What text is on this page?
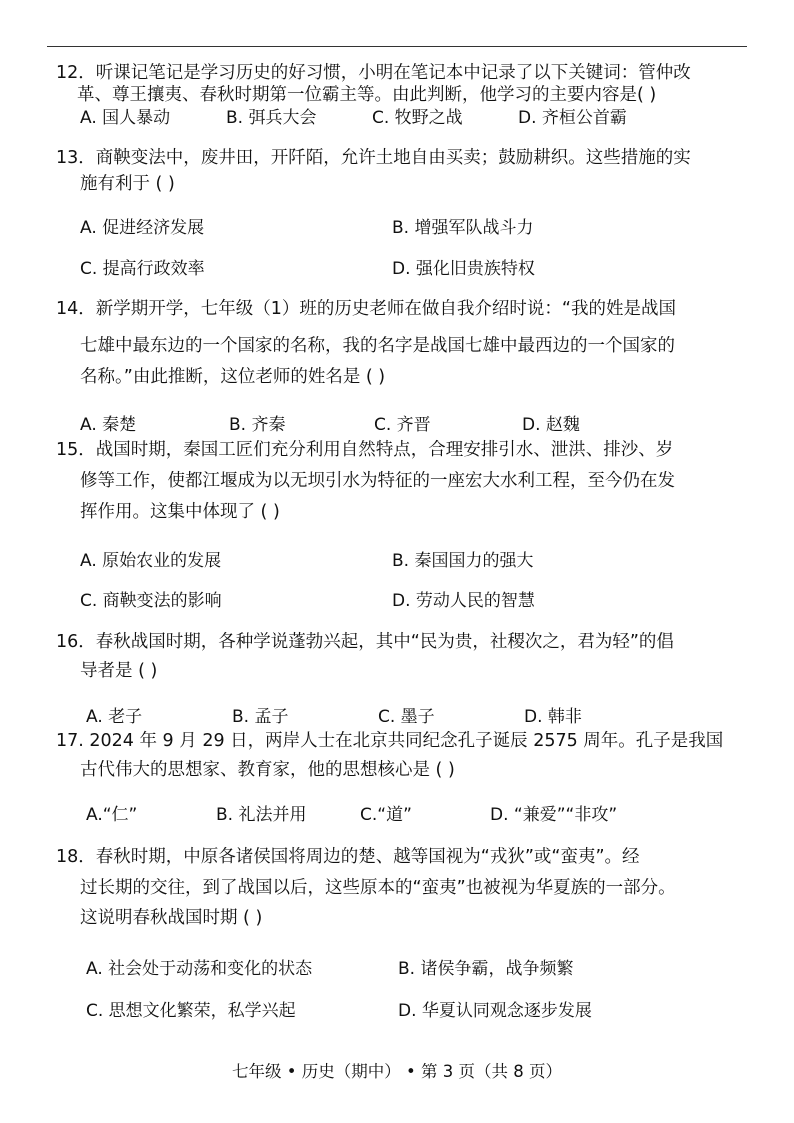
12．听课记笔记是学习历史的好习惯，小明在笔记本中记录了以下关键词：管仲改
革、尊王攘夷、春秋时期第一位霸主等。由此判断，他学习的主要内容是( )
A. 国人暴动	B. 弭兵大会	C. 牧野之战	D. 齐桓公首霸
13．商鞅变法中，废井田，开阡陌，允许土地自由买卖；鼓励耕织。这些措施的实
施有利于 ( )
A. 促进经济发展	B. 增强军队战斗力
C. 提高行政效率	D. 强化旧贵族特权
14．新学期开学，七年级（1）班的历史老师在做自我介绍时说：“我的姓是战国
七雄中最东边的一个国家的名称，我的名字是战国七雄中最西边的一个国家的
名称。”由此推断，这位老师的姓名是 ( )
A. 秦楚	B. 齐秦	C. 齐晋	D. 赵魏
15．战国时期，秦国工匠们充分利用自然特点，合理安排引水、泄洪、排沙、岁
修等工作，使都江堰成为以无坝引水为特征的一座宏大水利工程，至今仍在发
挥作用。这集中体现了 ( )
A. 原始农业的发展	B. 秦国国力的强大
C. 商鞅变法的影响	D. 劳动人民的智慧
16．春秋战国时期，各种学说蓬勃兴起，其中“民为贵，社稷次之，君为轻”的倡
导者是 ( )
A. 老子	B. 孟子	C. 墨子	D. 韩非
17. 2024 年 9 月 29 日，两岸人士在北京共同纪念孔子诞辰 2575 周年。孔子是我国
古代伟大的思想家、教育家，他的思想核心是 ( )
A.“仁”	B. 礼法并用	C.“道”	D. “兼爱”“非攻”
18．春秋时期，中原各诸侯国将周边的楚、越等国视为“戎狄”或“蛮夷”。经
过长期的交往，到了战国以后，这些原本的“蛮夷”也被视为华夏族的一部分。
这说明春秋战国时期 ( )
A. 社会处于动荡和变化的状态	B. 诸侯争霸，战争频繁
C. 思想文化繁荣，私学兴起	D. 华夏认同观念逐步发展
七年级 • 历史（期中） • 第 3 页（共 8 页）
